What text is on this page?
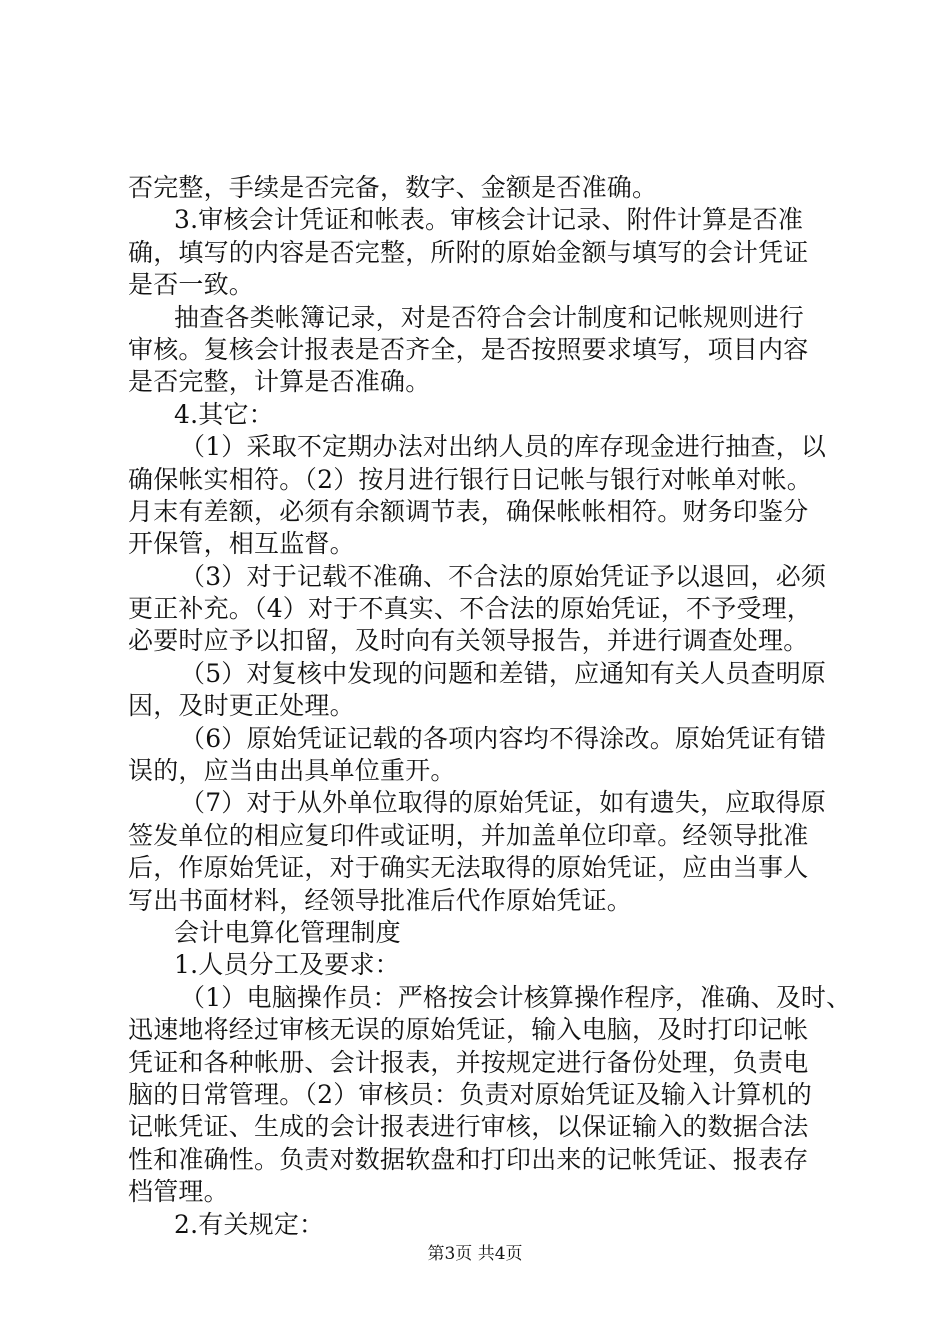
否完整，手续是否完备，数字、金额是否准确。
3.审核会计凭证和帐表。审核会计记录、附件计算是否准
确，填写的内容是否完整，所附的原始金额与填写的会计凭证
是否一致。
抽查各类帐簿记录，对是否符合会计制度和记帐规则进行
审核。复核会计报表是否齐全，是否按照要求填写，项目内容
是否完整，计算是否准确。
4.其它：
（1）采取不定期办法对出纳人员的库存现金进行抽查，以
确保帐实相符。（2）按月进行银行日记帐与银行对帐单对帐。
月末有差额，必须有余额调节表，确保帐帐相符。财务印鉴分
开保管，相互监督。
（3）对于记载不准确、不合法的原始凭证予以退回，必须
更正补充。（4）对于不真实、不合法的原始凭证，不予受理，
必要时应予以扣留，及时向有关领导报告，并进行调查处理。
（5）对复核中发现的问题和差错，应通知有关人员查明原
因，及时更正处理。
（6）原始凭证记载的各项内容均不得涂改。原始凭证有错
误的，应当由出具单位重开。
（7）对于从外单位取得的原始凭证，如有遗失，应取得原
签发单位的相应复印件或证明，并加盖单位印章。经领导批准
后，作原始凭证，对于确实无法取得的原始凭证，应由当事人
写出书面材料，经领导批准后代作原始凭证。
会计电算化管理制度
1.人员分工及要求：
（1）电脑操作员：严格按会计核算操作程序，准确、及时、
迅速地将经过审核无误的原始凭证，输入电脑，及时打印记帐
凭证和各种帐册、会计报表，并按规定进行备份处理，负责电
脑的日常管理。（2）审核员：负责对原始凭证及输入计算机的
记帐凭证、生成的会计报表进行审核，以保证输入的数据合法
性和准确性。负责对数据软盘和打印出来的记帐凭证、报表存
档管理。
2.有关规定：
第3页 共4页
